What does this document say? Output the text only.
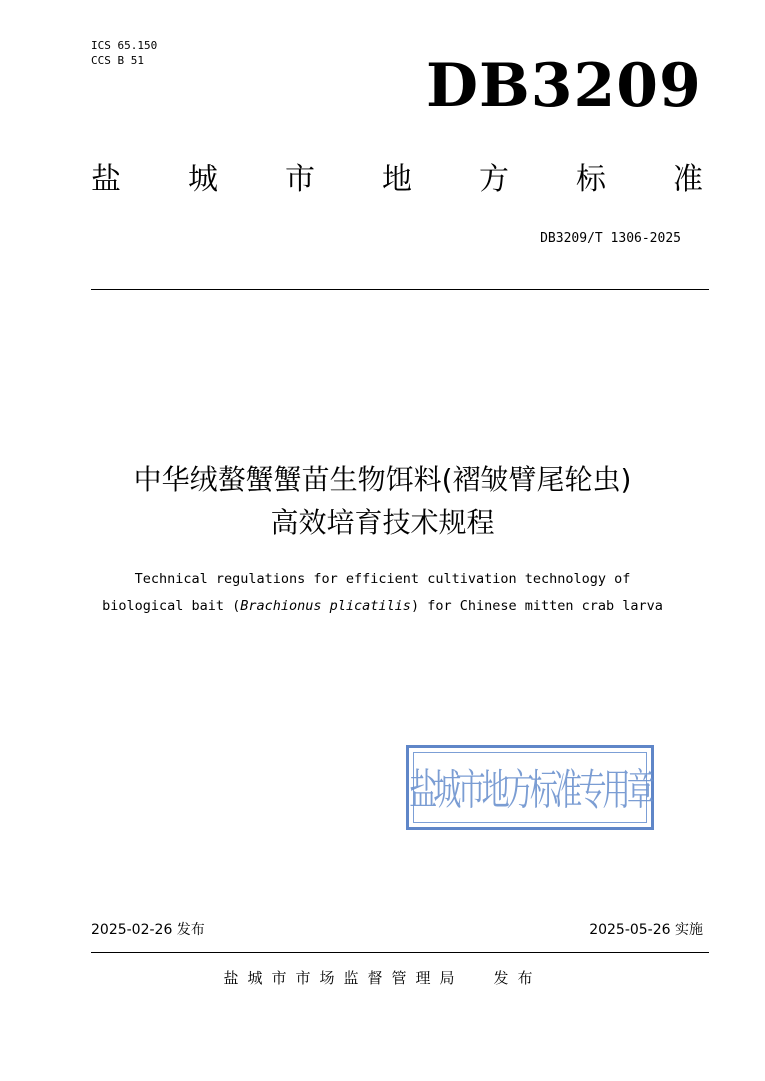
ICS 65.150
CCS B 51	DB3209
盐 城 市 地 方 标 准
DB3209/T 1306-2025
中华绒螯蟹蟹苗生物饵料(褶皱臂尾轮虫)
高效培育技术规程
Technical regulations for efficient cultivation technology of
biological bait (Brachionus plicatilis) for Chinese mitten crab larva
盐城市地方标准专用章
2025-02-26 发布	2025-05-26 实施
盐城市市场监督管理局 发布
